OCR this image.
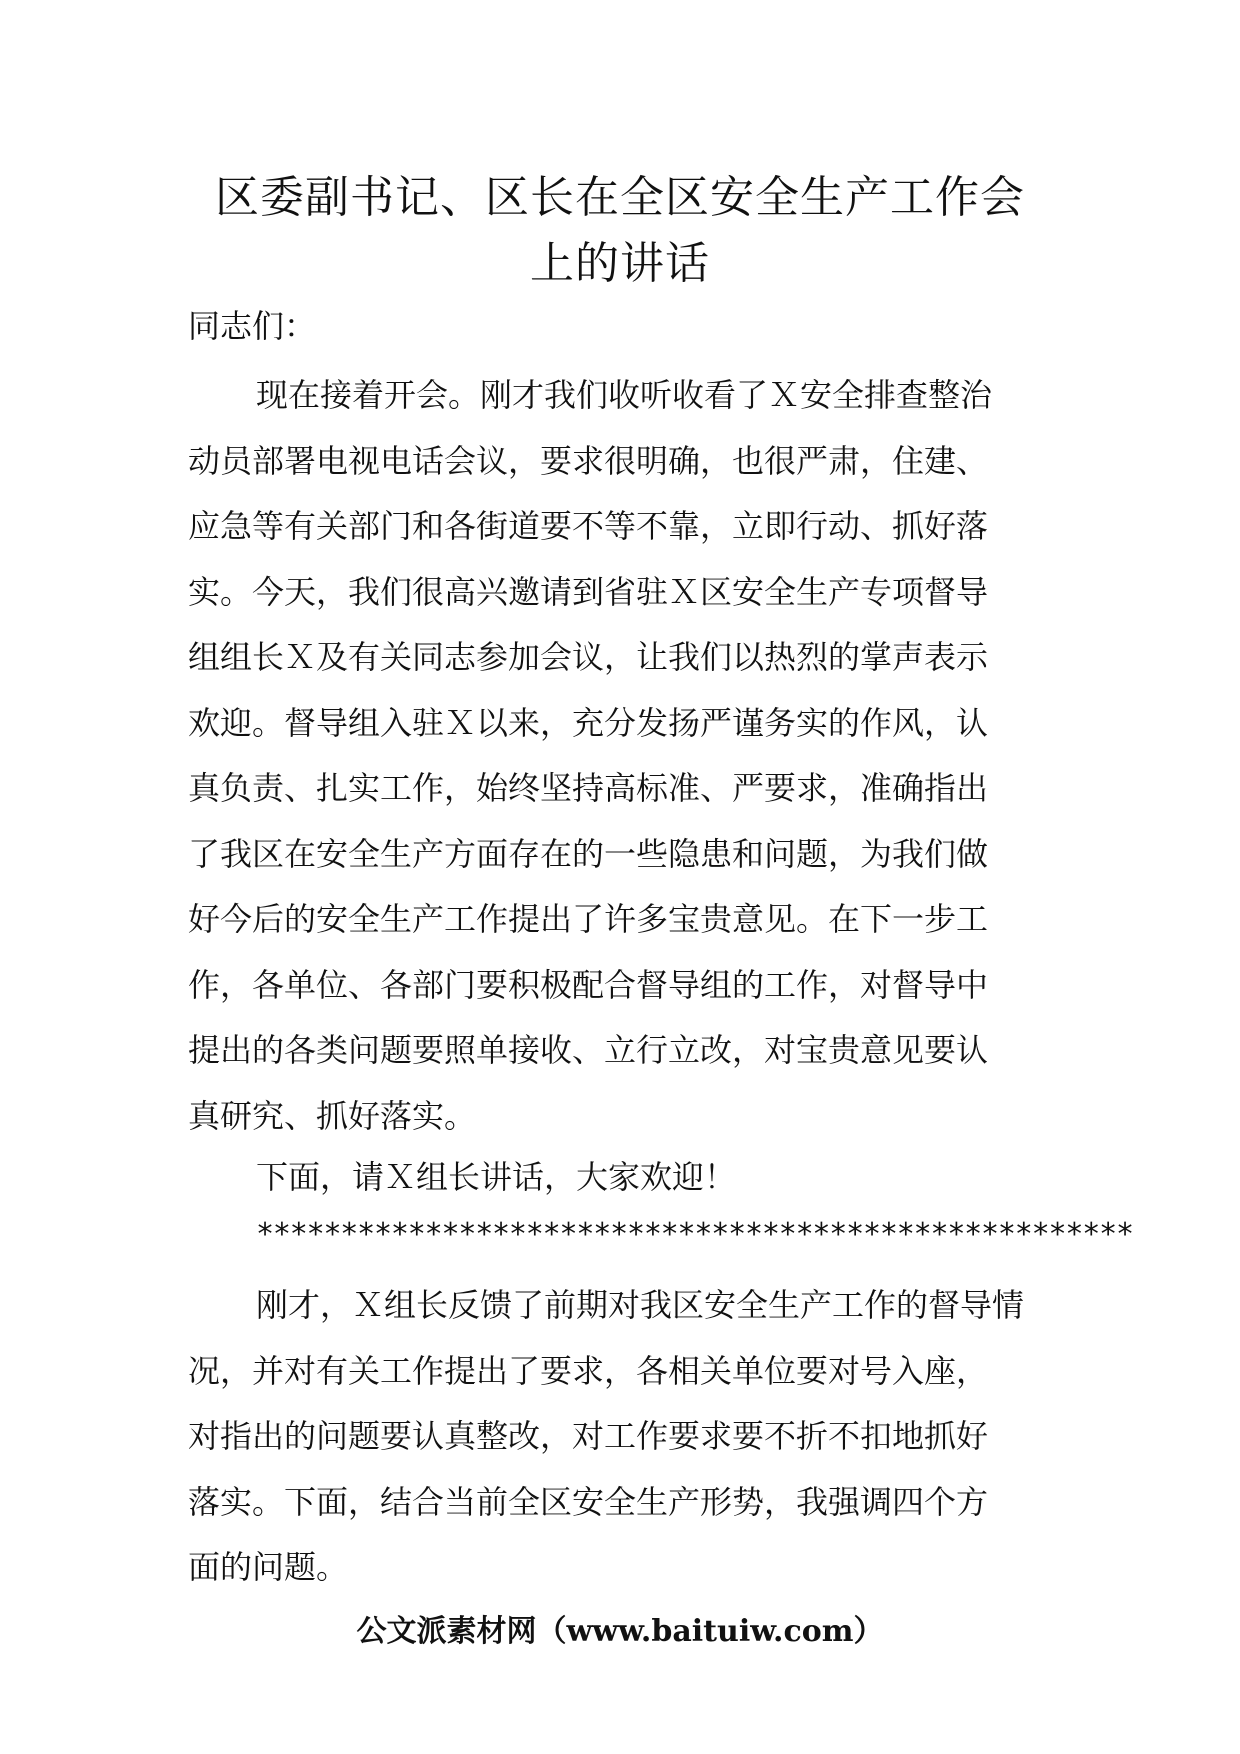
区委副书记、区长在全区安全生产工作会
上的讲话
同志们：
现在接着开会。刚才我们收听收看了Ｘ安全排查整治
动员部署电视电话会议，要求很明确，也很严肃，住建、
应急等有关部门和各街道要不等不靠，立即行动、抓好落
实。今天，我们很高兴邀请到省驻Ｘ区安全生产专项督导
组组长Ｘ及有关同志参加会议，让我们以热烈的掌声表示
欢迎。督导组入驻Ｘ以来，充分发扬严谨务实的作风，认
真负责、扎实工作，始终坚持高标准、严要求，准确指出
了我区在安全生产方面存在的一些隐患和问题，为我们做
好今后的安全生产工作提出了许多宝贵意见。在下一步工
作，各单位、各部门要积极配合督导组的工作，对督导中
提出的各类问题要照单接收、立行立改，对宝贵意见要认
真研究、抓好落实。
下面，请Ｘ组长讲话，大家欢迎！
****************************************************
刚才，Ｘ组长反馈了前期对我区安全生产工作的督导情
况，并对有关工作提出了要求，各相关单位要对号入座，
对指出的问题要认真整改，对工作要求要不折不扣地抓好
落实。下面，结合当前全区安全生产形势，我强调四个方
面的问题。
公文派素材网（www.baituiw.com）
